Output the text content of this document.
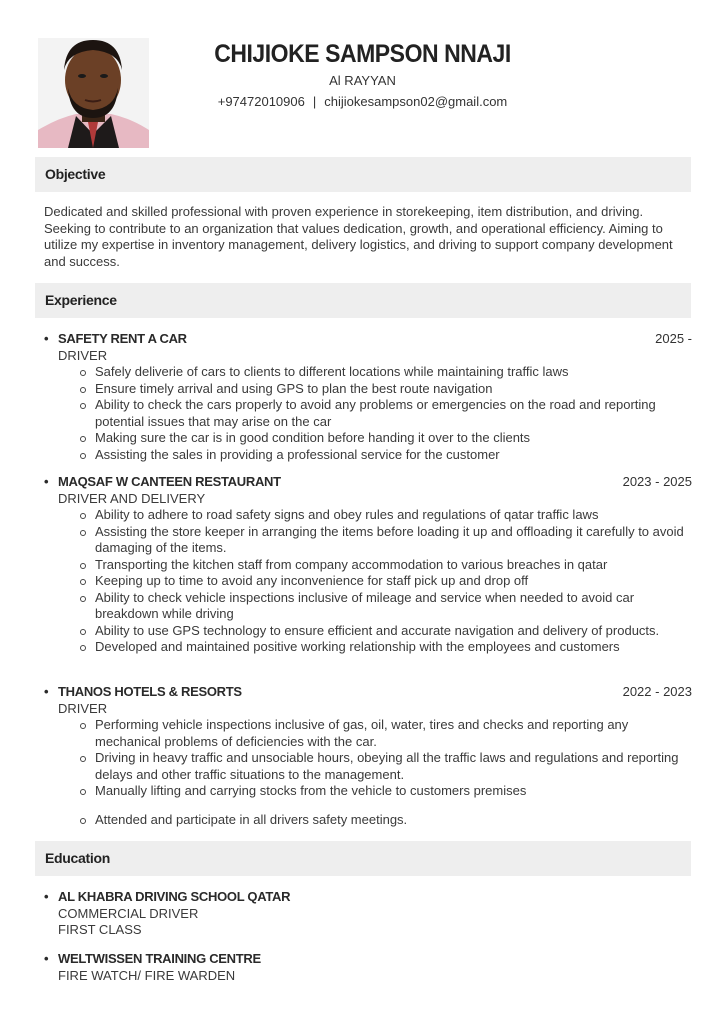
CHIJIOKE SAMPSON NNAJI
Al RAYYAN
+97472010906 | chijiokesampson02@gmail.com
Objective
Dedicated and skilled professional with proven experience in storekeeping, item distribution, and driving. Seeking to contribute to an organization that values dedication, growth, and operational efficiency. Aiming to utilize my expertise in inventory management, delivery logistics, and driving to support company development and success.
Experience
• SAFETY RENT A CAR	2025 -
DRIVER
Safely deliverie of cars to clients to different locations while maintaining traffic laws
Ensure timely arrival and using GPS to plan the best route navigation
Ability to check the cars properly to avoid any problems or emergencies on the road and reporting potential issues that may arise on the car
Making sure the car is in good condition before handing it over to the clients
Assisting the sales in providing a professional service for the customer
• MAQSAF W CANTEEN RESTAURANT	2023 - 2025
DRIVER AND DELIVERY
Ability to adhere to road safety signs and obey rules and regulations of qatar traffic laws
Assisting the store keeper in arranging the items before loading it up and offloading it carefully to avoid damaging of the items.
Transporting the kitchen staff from company accommodation to various breaches in qatar
Keeping up to time to avoid any inconvenience for staff pick up and drop off
Ability to check vehicle inspections inclusive of mileage and service when needed to avoid car breakdown while driving
Ability to use GPS technology to ensure efficient and accurate navigation and delivery of products.
Developed and maintained positive working relationship with the employees and customers
• THANOS HOTELS & RESORTS	2022 - 2023
DRIVER
Performing vehicle inspections inclusive of gas, oil, water, tires and checks and reporting any mechanical problems of deficiencies with the car.
Driving in heavy traffic and unsociable hours, obeying all the traffic laws and regulations and reporting delays and other traffic situations to the management.
Manually lifting and carrying stocks from the vehicle to customers premises
Attended and participate in all drivers safety meetings.
Education
• AL KHABRA DRIVING SCHOOL QATAR
COMMERCIAL DRIVER
FIRST CLASS
• WELTWISSEN TRAINING CENTRE
FIRE WATCH/ FIRE WARDEN
